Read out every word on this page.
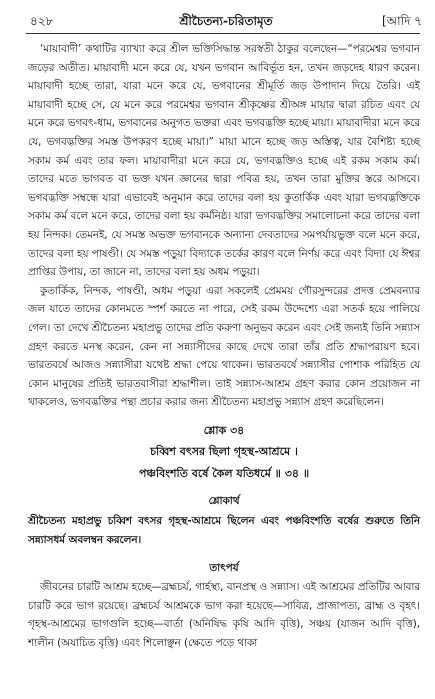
৪২৮	শ্রীচৈতন্য-চরিতামৃত	[আদি ৭

‘মায়াবাদী’ কথাটির ব্যাখ্যা করে শ্রীল ভক্তিসিদ্ধান্ত সরস্বতী ঠাকুর বলেছেন—“পরমেশ্বর ভগবান জড়ের অতীত। মায়াবাদী মনে করে যে, যখন ভগবান আবির্ভূত হন, তখন জড়দেহ ধারণ করেন। মায়াবাদী হচ্ছে তারা, যারা মনে করে যে, ভগবানের শ্রীমূর্তি জড় উপাদান দিয়ে তৈরি। এই মায়াবাদী হচ্ছে সে, যে মনে করে পরমেশ্বর ভগবান শ্রীকৃষ্ণের শ্রীঅঙ্গ মায়ার দ্বারা রচিত এবং যে মনে করে ভগবৎ-ধাম, ভগবানের অনুগত ভক্তরা এবং ভগবদ্ভক্তি হচ্ছে মায়া। মায়াবাদীরা মনে করে যে, ভগবদ্ভক্তির সমস্ত উপকরণ হচ্ছে মায়া।” মায়া মানে হচ্ছে জড় অস্তিত্ব, যার বৈশিষ্ট্য হচ্ছে সকাম কর্ম এবং তার ফল। মায়াবাদীরা মনে করে যে, ভগবদ্ভক্তিও হচ্ছে এই রকম সকাম কর্ম। তাদের মতে ভাগবত বা ভক্ত যখন জ্ঞানের দ্বারা পবিত্র হয়, তখন তারা মুক্তির স্তরে আসবে। ভগবদ্ভক্তি সম্বন্ধে যারা এভাবেই অনুমান করে তাদের বলা হয় কুতার্কিক এবং যারা ভগবদ্ভক্তিকে সকাম কর্ম বলে মনে করে, তাদের বলা হয় কর্মনিষ্ঠ। যারা ভগবদ্ভক্তির সমালোচনা করে তাদের বলা হয় নিন্দক। তেমনই, যে সমস্ত অভক্ত ভগবানকে অন্যান্য দেবতাদের সমপর্যায়ভুক্ত বলে মনে করে, তাদের বলা হয় পাষণ্ডী। যে সমস্ত পড়ুয়া বিদ্যাকে তর্কের কারণ বলে নির্ণয় করে এবং বিদ্যা যে ঈশ্বর প্রাপ্তির উপায়, তা জানে না, তাদের বলা হয় অধম পড়ুয়া।

কুতার্কিক, নিন্দক, পাষণ্ডী, অধম পড়ুয়া এরা সকলেই প্রেমময় গৌরসুন্দরের প্রদত্ত প্রেমবন্যার জল যাতে তাদের কোনমতে স্পর্শ করতে না পারে, সেই রকম উদ্দেশ্যে এরা সতর্ক হয়ে পালিয়ে গেল। তা দেখে শ্রীচৈতন্য মহাপ্রভু তাদের প্রতি করুণা অনুভব করেন এবং সেই জন্যই তিনি সন্ন্যাস গ্রহণ করতে মনস্থ করেন, কেন না সন্ন্যাসীদের কাছে দেখে তারা তাঁর প্রতি শ্রদ্ধাপরায়ণ হবে। ভারতবর্ষে আজও সন্ন্যাসীরা যথেষ্ট শ্রদ্ধা পেয়ে থাকেন। ভারতবর্ষে সন্ন্যাসীর পোশাক পরিহিত যে কোন মানুষের প্রতিই ভারতবাসীরা শ্রদ্ধাশীল। তাই সন্ন্যাস-আশ্রম গ্রহণ করার কোন প্রয়োজন না থাকলেও, ভগবদ্ভক্তির পন্থা প্রচার করার জন্য শ্রীচৈতন্য মহাপ্রভু সন্ন্যাস গ্রহণ করেছিলেন।

শ্লোক ৩৪
চব্বিশ বৎসর ছিলা গৃহস্থ-আশ্রমে ।
পঞ্চবিংশতি বর্ষে কৈল যতিধর্মে ॥ ৩৪ ॥
শ্লোকার্থ

শ্রীচৈতন্য মহাপ্রভু চব্বিশ বৎসর গৃহস্থ-আশ্রমে ছিলেন এবং পঞ্চবিংশতি বর্ষের শুরুতে তিনি সন্ন্যাসধর্ম অবলম্বন করলেন।

তাৎপর্য

জীবনের চারটি আশ্রম হচ্ছে—ব্রহ্মচর্য, গার্হস্থ্য, বানপ্রস্থ ও সন্ন্যাস। এই আশ্রমের প্রতিটির আবার চারটি করে ভাগ রয়েছে। ব্রহ্মচর্য আশ্রমকে ভাগ করা হয়েছে—সাবিত্র, প্রাজাপত্য, ব্রাহ্ম ও বৃহৎ। গৃহস্থ-আশ্রমের ভাগগুলি হচ্ছে—বার্তা (অনিষিদ্ধ কৃষি আদি বৃত্তি), সঞ্চয় (যাজন আদি বৃত্তি), শালীন (অযাচিত বৃত্তি) এবং শিলোঞ্ছন (ক্ষেতে পড়ে থাকা
